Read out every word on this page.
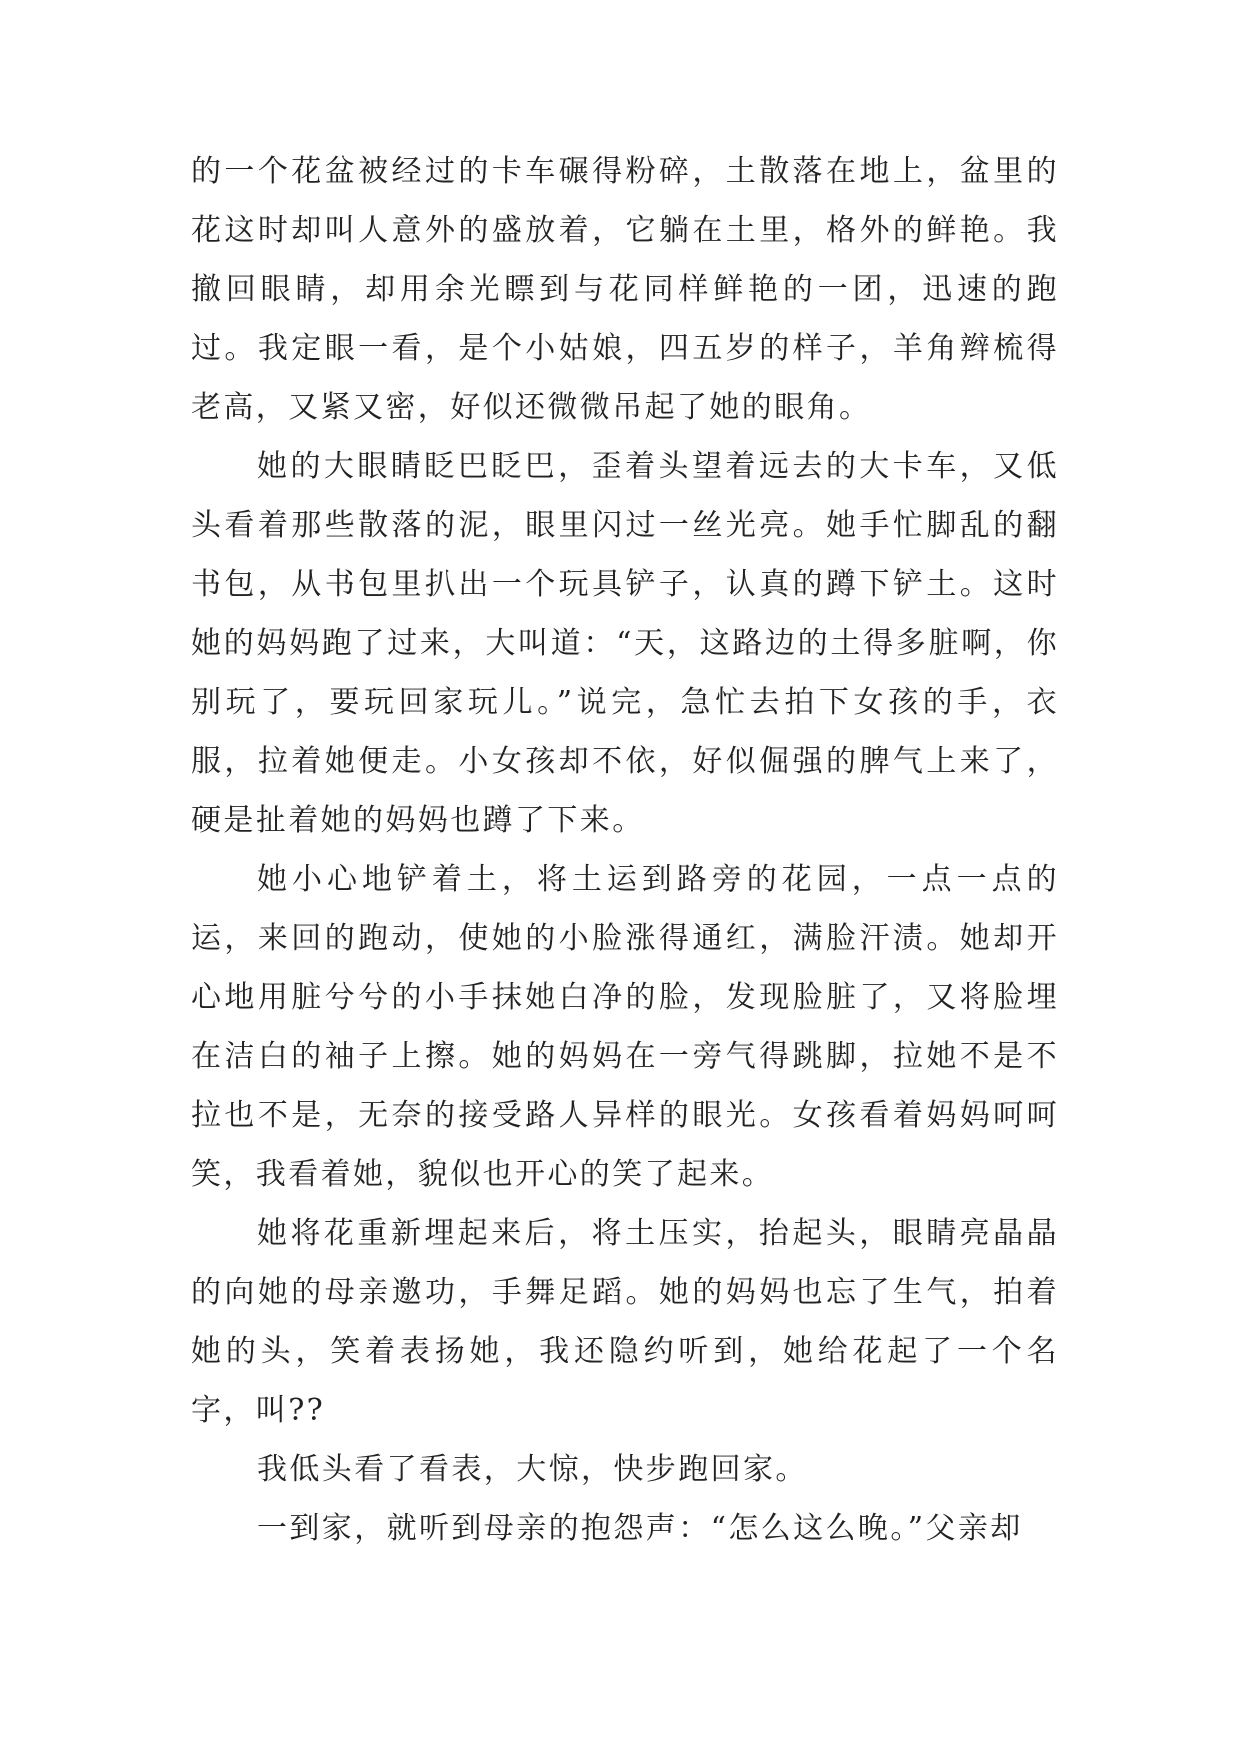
的一个花盆被经过的卡车碾得粉碎，土散落在地上，盆里的花这时却叫人意外的盛放着，它躺在土里，格外的鲜艳。我撤回眼睛，却用余光瞟到与花同样鲜艳的一团，迅速的跑过。我定眼一看，是个小姑娘，四五岁的样子，羊角辫梳得老高，又紧又密，好似还微微吊起了她的眼角。

她的大眼睛眨巴眨巴，歪着头望着远去的大卡车，又低头看着那些散落的泥，眼里闪过一丝光亮。她手忙脚乱的翻书包，从书包里扒出一个玩具铲子，认真的蹲下铲土。这时她的妈妈跑了过来，大叫道：“天，这路边的土得多脏啊，你别玩了，要玩回家玩儿。”说完，急忙去拍下女孩的手，衣服，拉着她便走。小女孩却不依，好似倔强的脾气上来了，硬是扯着她的妈妈也蹲了下来。

她小心地铲着土，将土运到路旁的花园，一点一点的运，来回的跑动，使她的小脸涨得通红，满脸汗渍。她却开心地用脏兮兮的小手抹她白净的脸，发现脸脏了，又将脸埋在洁白的袖子上擦。她的妈妈在一旁气得跳脚，拉她不是不拉也不是，无奈的接受路人异样的眼光。女孩看着妈妈呵呵笑，我看着她，貌似也开心的笑了起来。

她将花重新埋起来后，将土压实，抬起头，眼睛亮晶晶的向她的母亲邀功，手舞足蹈。她的妈妈也忘了生气，拍着她的头，笑着表扬她，我还隐约听到，她给花起了一个名字，叫??

我低头看了看表，大惊，快步跑回家。

一到家，就听到母亲的抱怨声：“怎么这么晚。”父亲却
